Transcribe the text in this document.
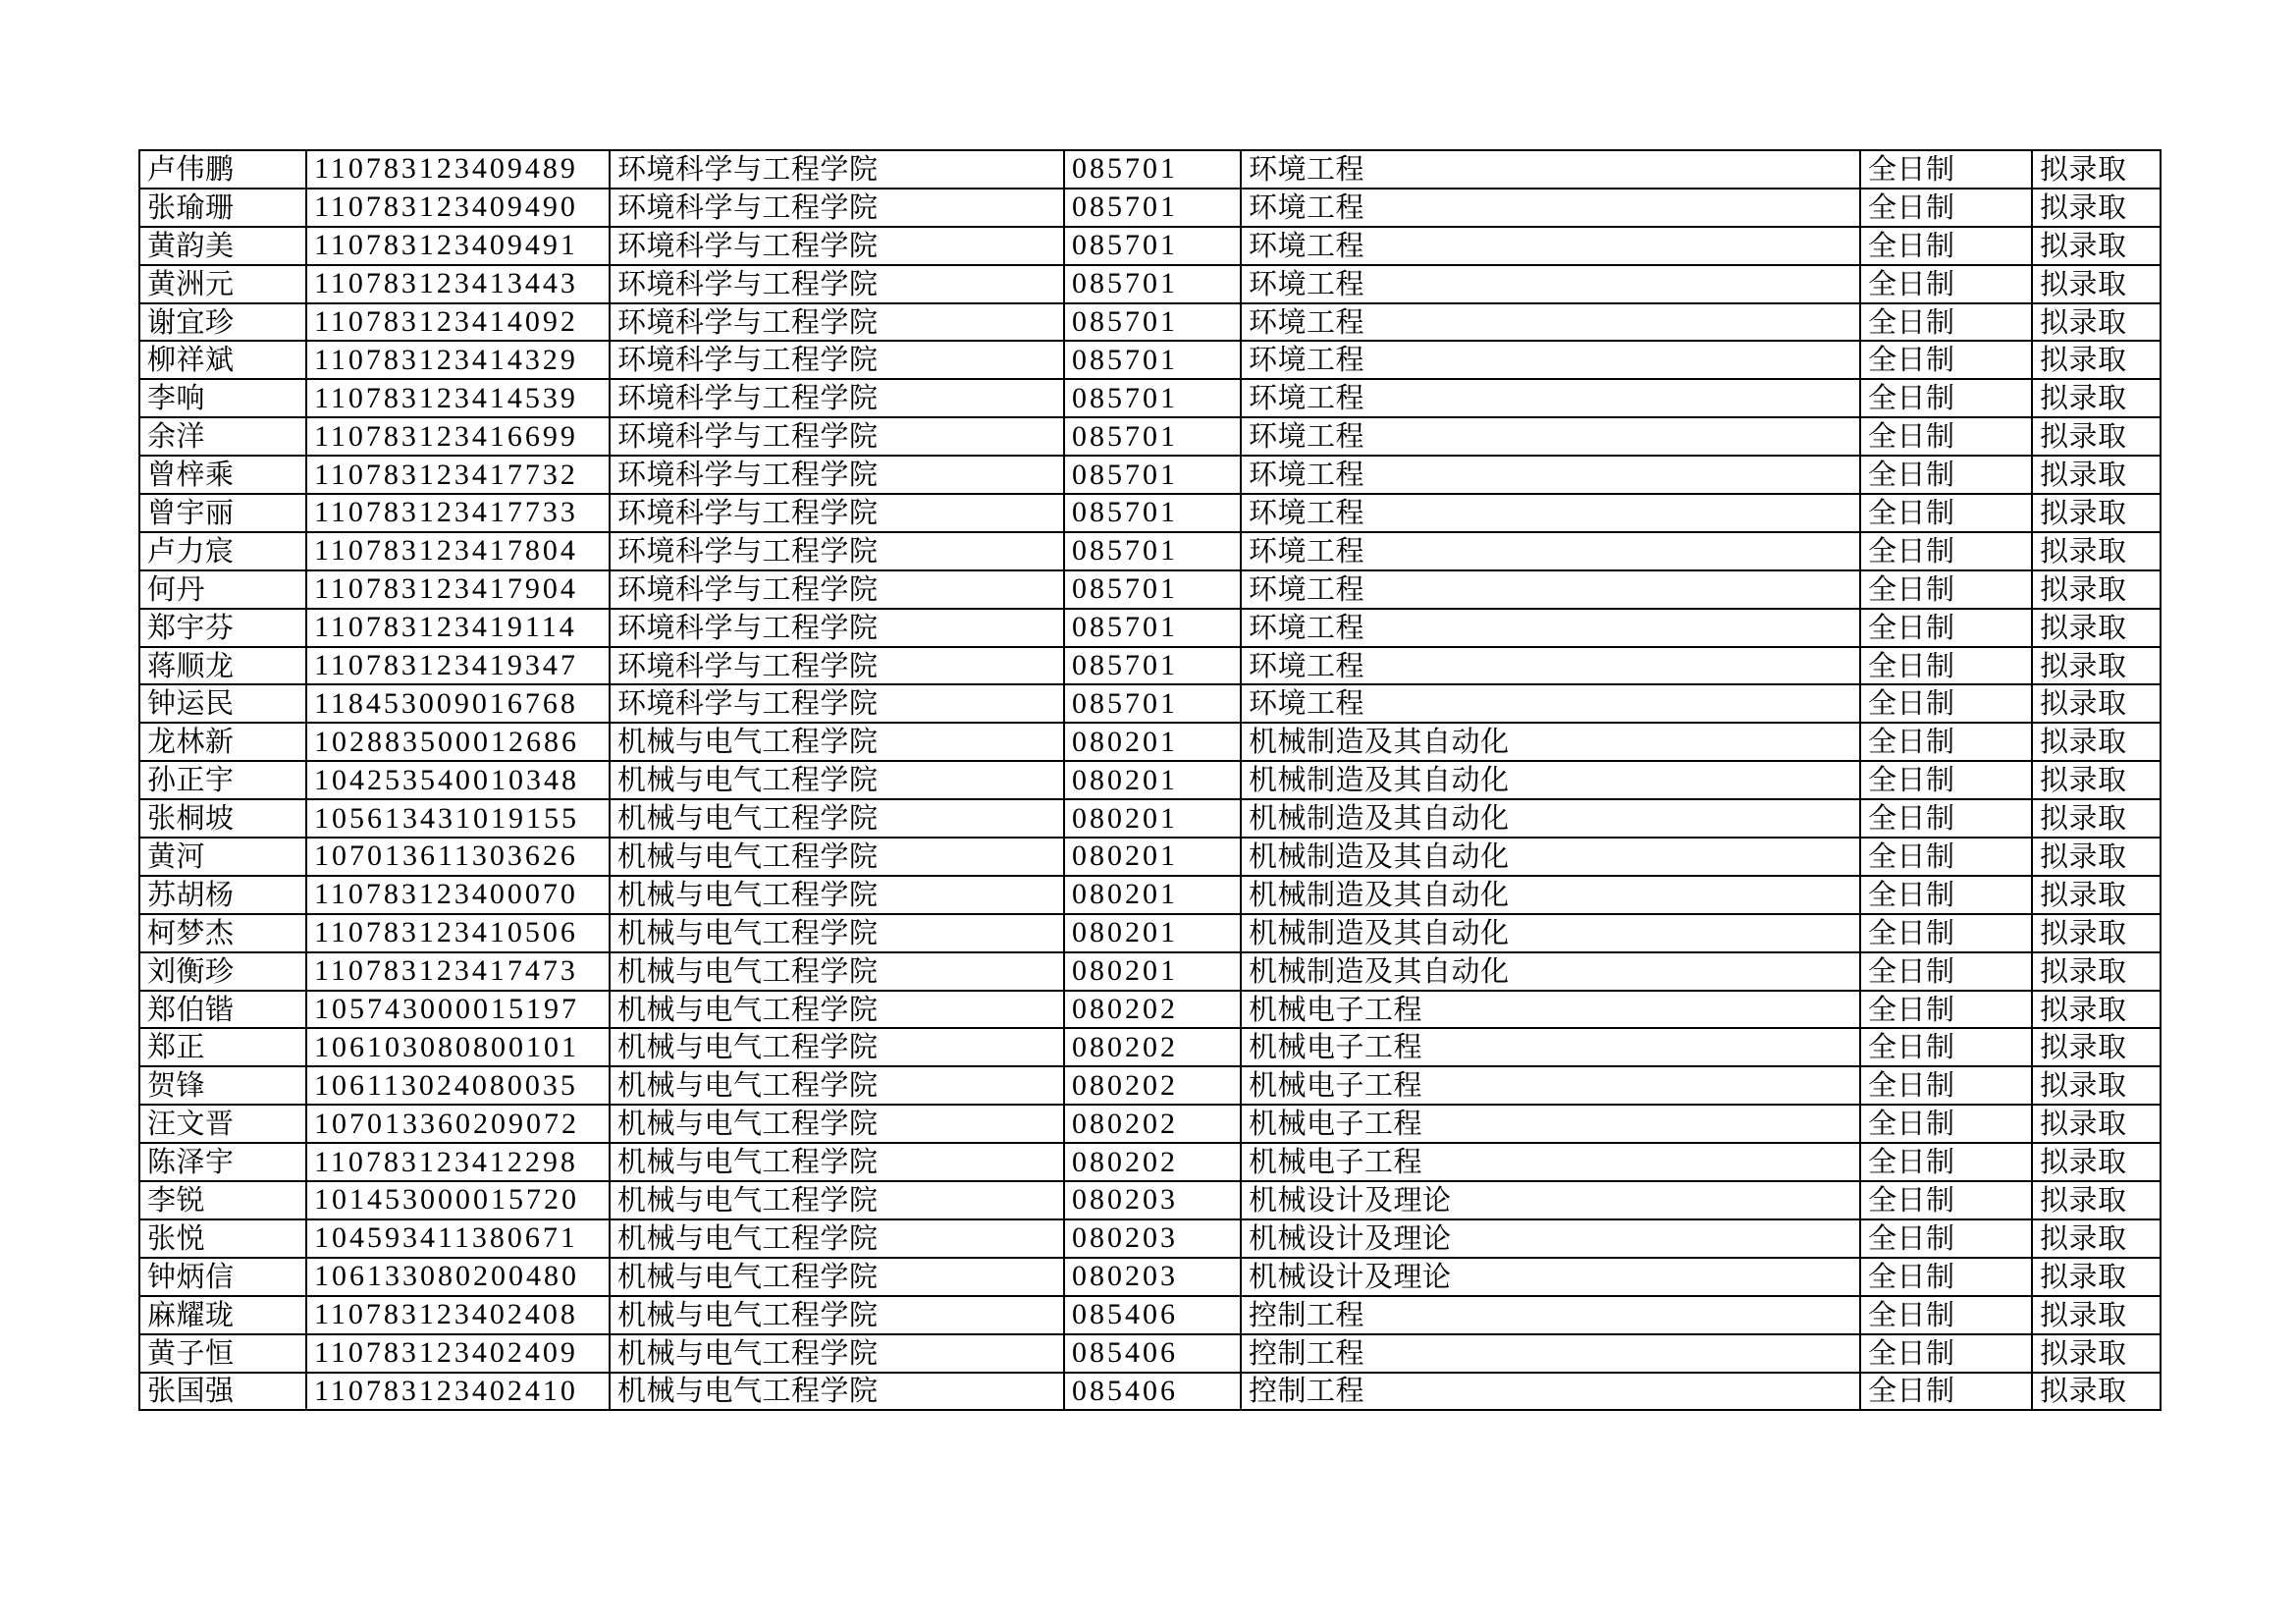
卢伟鹏	110783123409489	环境科学与工程学院	085701	环境工程	全日制	拟录取
张瑜珊	110783123409490	环境科学与工程学院	085701	环境工程	全日制	拟录取
黄韵美	110783123409491	环境科学与工程学院	085701	环境工程	全日制	拟录取
黄洲元	110783123413443	环境科学与工程学院	085701	环境工程	全日制	拟录取
谢宜珍	110783123414092	环境科学与工程学院	085701	环境工程	全日制	拟录取
柳祥斌	110783123414329	环境科学与工程学院	085701	环境工程	全日制	拟录取
李响	110783123414539	环境科学与工程学院	085701	环境工程	全日制	拟录取
余洋	110783123416699	环境科学与工程学院	085701	环境工程	全日制	拟录取
曾梓乘	110783123417732	环境科学与工程学院	085701	环境工程	全日制	拟录取
曾宇丽	110783123417733	环境科学与工程学院	085701	环境工程	全日制	拟录取
卢力宸	110783123417804	环境科学与工程学院	085701	环境工程	全日制	拟录取
何丹	110783123417904	环境科学与工程学院	085701	环境工程	全日制	拟录取
郑宇芬	110783123419114	环境科学与工程学院	085701	环境工程	全日制	拟录取
蒋顺龙	110783123419347	环境科学与工程学院	085701	环境工程	全日制	拟录取
钟运民	118453009016768	环境科学与工程学院	085701	环境工程	全日制	拟录取
龙林新	102883500012686	机械与电气工程学院	080201	机械制造及其自动化	全日制	拟录取
孙正宇	104253540010348	机械与电气工程学院	080201	机械制造及其自动化	全日制	拟录取
张桐坡	105613431019155	机械与电气工程学院	080201	机械制造及其自动化	全日制	拟录取
黄河	107013611303626	机械与电气工程学院	080201	机械制造及其自动化	全日制	拟录取
苏胡杨	110783123400070	机械与电气工程学院	080201	机械制造及其自动化	全日制	拟录取
柯梦杰	110783123410506	机械与电气工程学院	080201	机械制造及其自动化	全日制	拟录取
刘衡珍	110783123417473	机械与电气工程学院	080201	机械制造及其自动化	全日制	拟录取
郑伯锴	105743000015197	机械与电气工程学院	080202	机械电子工程	全日制	拟录取
郑正	106103080800101	机械与电气工程学院	080202	机械电子工程	全日制	拟录取
贺锋	106113024080035	机械与电气工程学院	080202	机械电子工程	全日制	拟录取
汪文晋	107013360209072	机械与电气工程学院	080202	机械电子工程	全日制	拟录取
陈泽宇	110783123412298	机械与电气工程学院	080202	机械电子工程	全日制	拟录取
李锐	101453000015720	机械与电气工程学院	080203	机械设计及理论	全日制	拟录取
张悦	104593411380671	机械与电气工程学院	080203	机械设计及理论	全日制	拟录取
钟炳信	106133080200480	机械与电气工程学院	080203	机械设计及理论	全日制	拟录取
麻耀珑	110783123402408	机械与电气工程学院	085406	控制工程	全日制	拟录取
黄子恒	110783123402409	机械与电气工程学院	085406	控制工程	全日制	拟录取
张国强	110783123402410	机械与电气工程学院	085406	控制工程	全日制	拟录取
